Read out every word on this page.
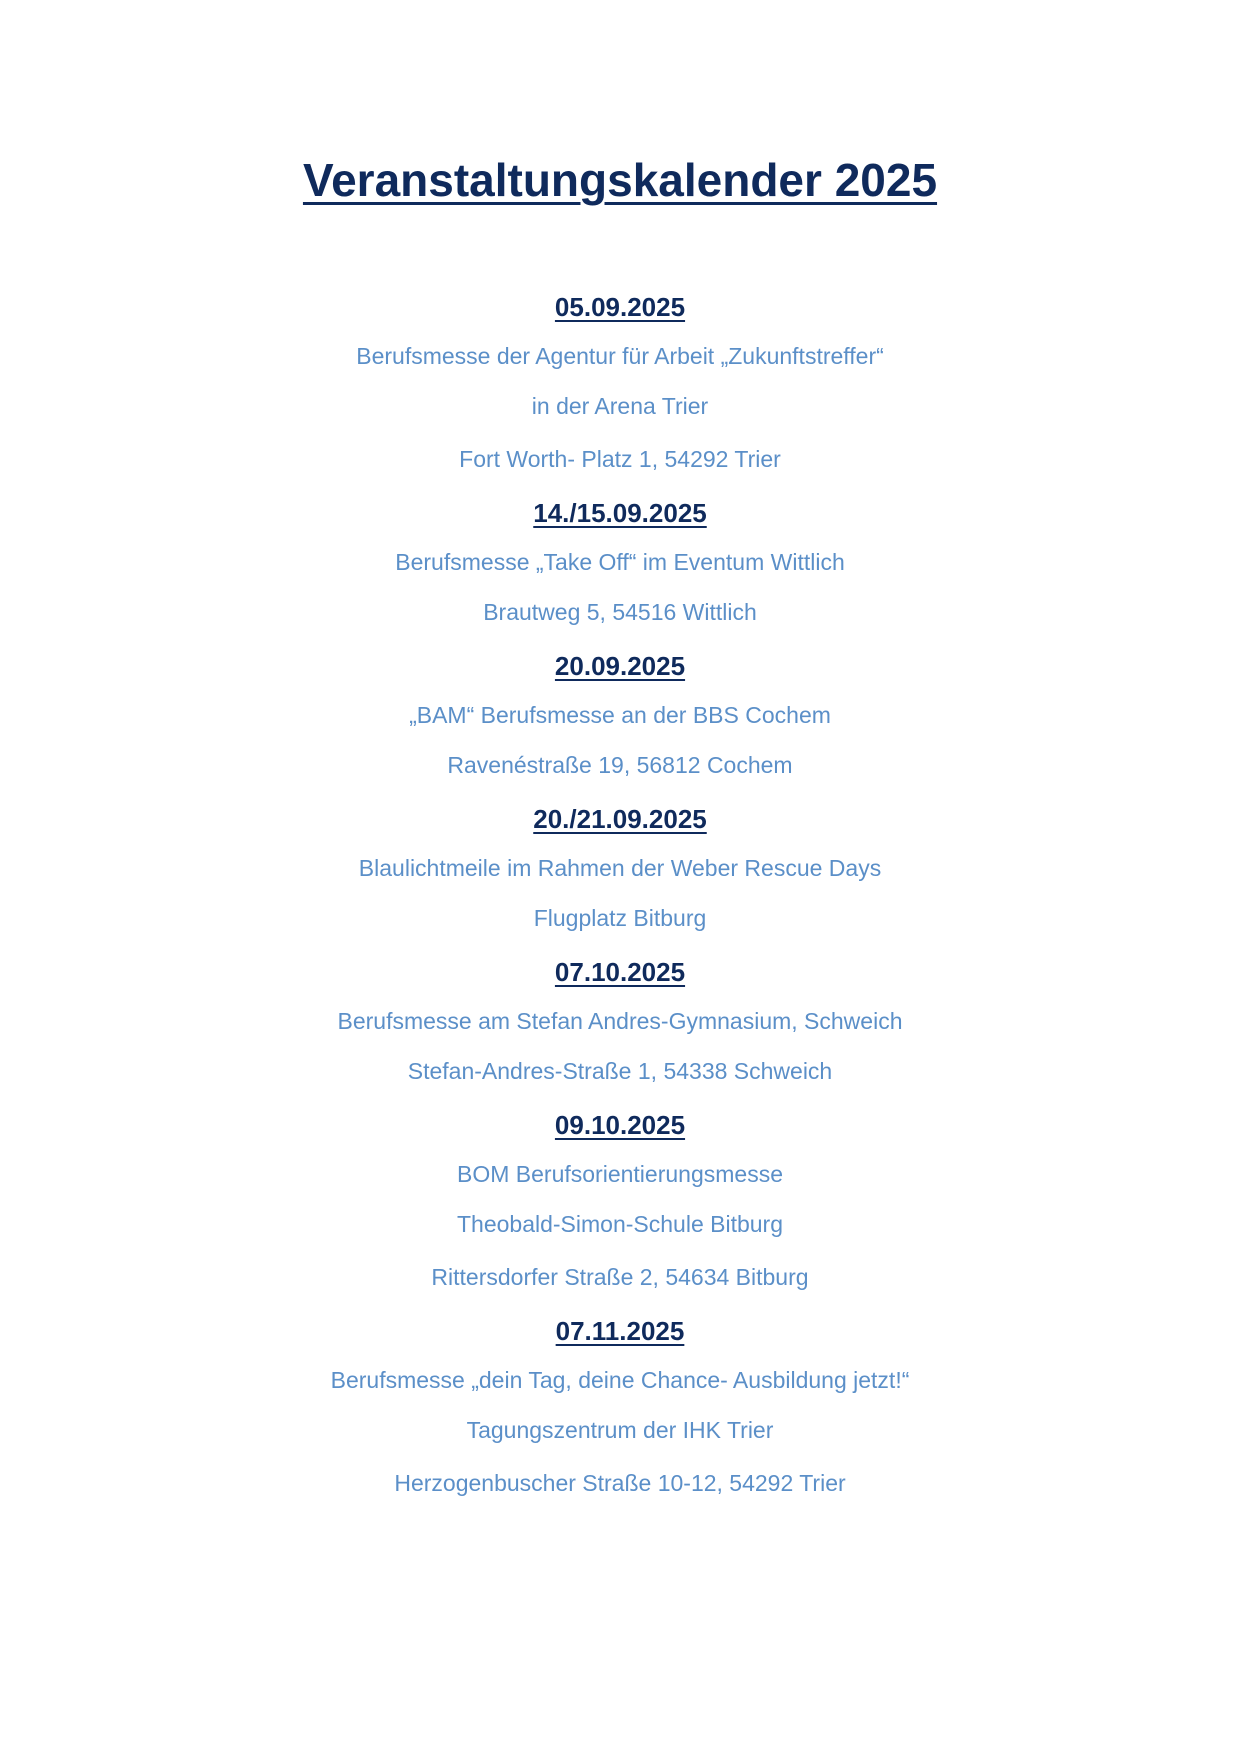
Veranstaltungskalender 2025

05.09.2025

Berufsmesse der Agentur für Arbeit „Zukunftstreffer“

in der Arena Trier

Fort Worth- Platz 1, 54292 Trier

14./15.09.2025

Berufsmesse „Take Off“ im Eventum Wittlich

Brautweg 5, 54516 Wittlich

20.09.2025

„BAM“ Berufsmesse an der BBS Cochem

Ravenéstraße 19, 56812 Cochem

20./21.09.2025

Blaulichtmeile im Rahmen der Weber Rescue Days

Flugplatz Bitburg

07.10.2025

Berufsmesse am Stefan Andres-Gymnasium, Schweich

Stefan-Andres-Straße 1, 54338 Schweich

09.10.2025

BOM Berufsorientierungsmesse

Theobald-Simon-Schule Bitburg

Rittersdorfer Straße 2, 54634 Bitburg

07.11.2025

Berufsmesse „dein Tag, deine Chance- Ausbildung jetzt!“

Tagungszentrum der IHK Trier

Herzogenbuscher Straße 10-12, 54292 Trier
